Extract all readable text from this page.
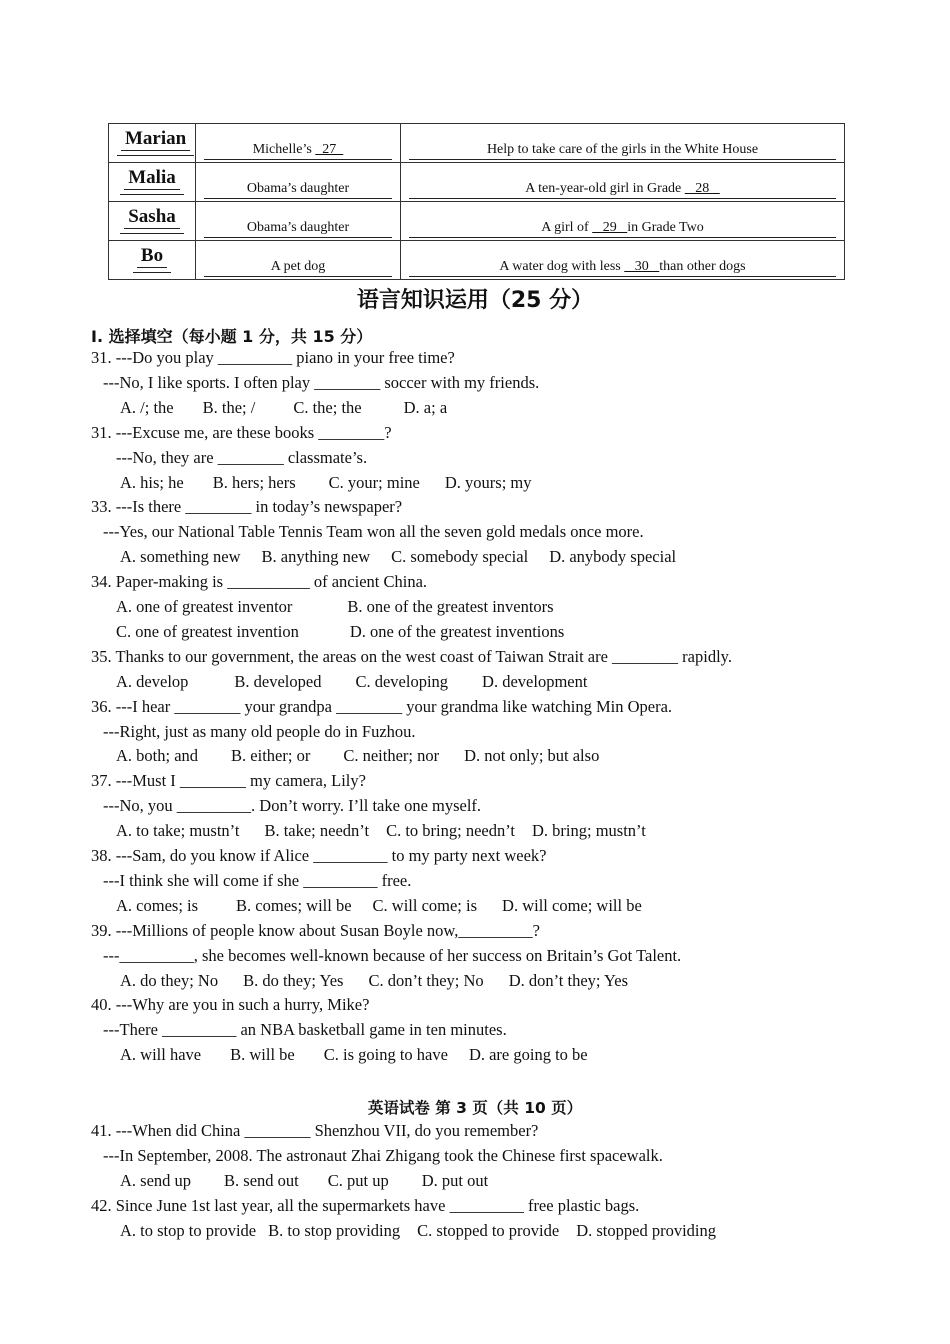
Marian	Michelle’s   27	Help to take care of the girls in the White House

Malia	Obama’s daughter	A ten-year-old girl in Grade    28

Sasha	Obama’s daughter	A girl of    29   in Grade Two

Bo	A pet dog	A water dog with less    30   than other dogs
语言知识运用（25 分）
I. 选择填空（每小题 1 分，共 15 分）
31. ---Do you play _________ piano in your free time?
---No, I like sports. I often play ________ soccer with my friends.
A. /; the B. the; / C. the; the	D. a; a
31. ---Excuse me, are these books ________?
---No, they are ________ classmate’s.
A. his; he B. hers; hers C. your; mine D. yours; my
33. ---Is there ________ in today’s newspaper?
---Yes, our National Table Tennis Team won all the seven gold medals once more.
A. something new B. anything new C. somebody special D. anybody special
34. Paper-making is __________ of ancient China.
A. one of greatest inventor	B. one of the greatest inventors
C. one of greatest invention	D. one of the greatest inventions
35. Thanks to our government, the areas on the west coast of Taiwan Strait are ________ rapidly.
A. develop	B. developed C. developing D. development
36. ---I hear ________ your grandpa ________ your grandma like watching Min Opera.
---Right, just as many old people do in Fuzhou.
A. both; and B. either; or C. neither; nor D. not only; but also
37. ---Must I ________ my camera, Lily?
---No, you _________. Don’t worry. I’ll take one myself.
A. to take; mustn’t B. take; needn’t C. to bring; needn’t D. bring; mustn’t
38. ---Sam, do you know if Alice _________ to my party next week?
---I think she will come if she _________ free.
A. comes; is B. comes; will be C. will come; is D. will come; will be
39. ---Millions of people know about Susan Boyle now,_________?
---_________, she becomes well-known because of her success on Britain’s Got Talent.
A. do they; No B. do they; Yes C. don’t they; No D. don’t they; Yes
40. ---Why are you in such a hurry, Mike?
---There _________ an NBA basketball game in ten minutes.
A. will have B. will be C. is going to have D. are going to be
41. ---When did China ________ Shenzhou VII, do you remember?
---In September, 2008. The astronaut Zhai Zhigang took the Chinese first spacewalk.
A. send up B. send out C. put up D. put out
42. Since June 1st last year, all the supermarkets have _________ free plastic bags.
A. to stop to provide B. to stop providing C. stopped to provide D. stopped providing
英语试卷 第 3 页（共 10 页）
